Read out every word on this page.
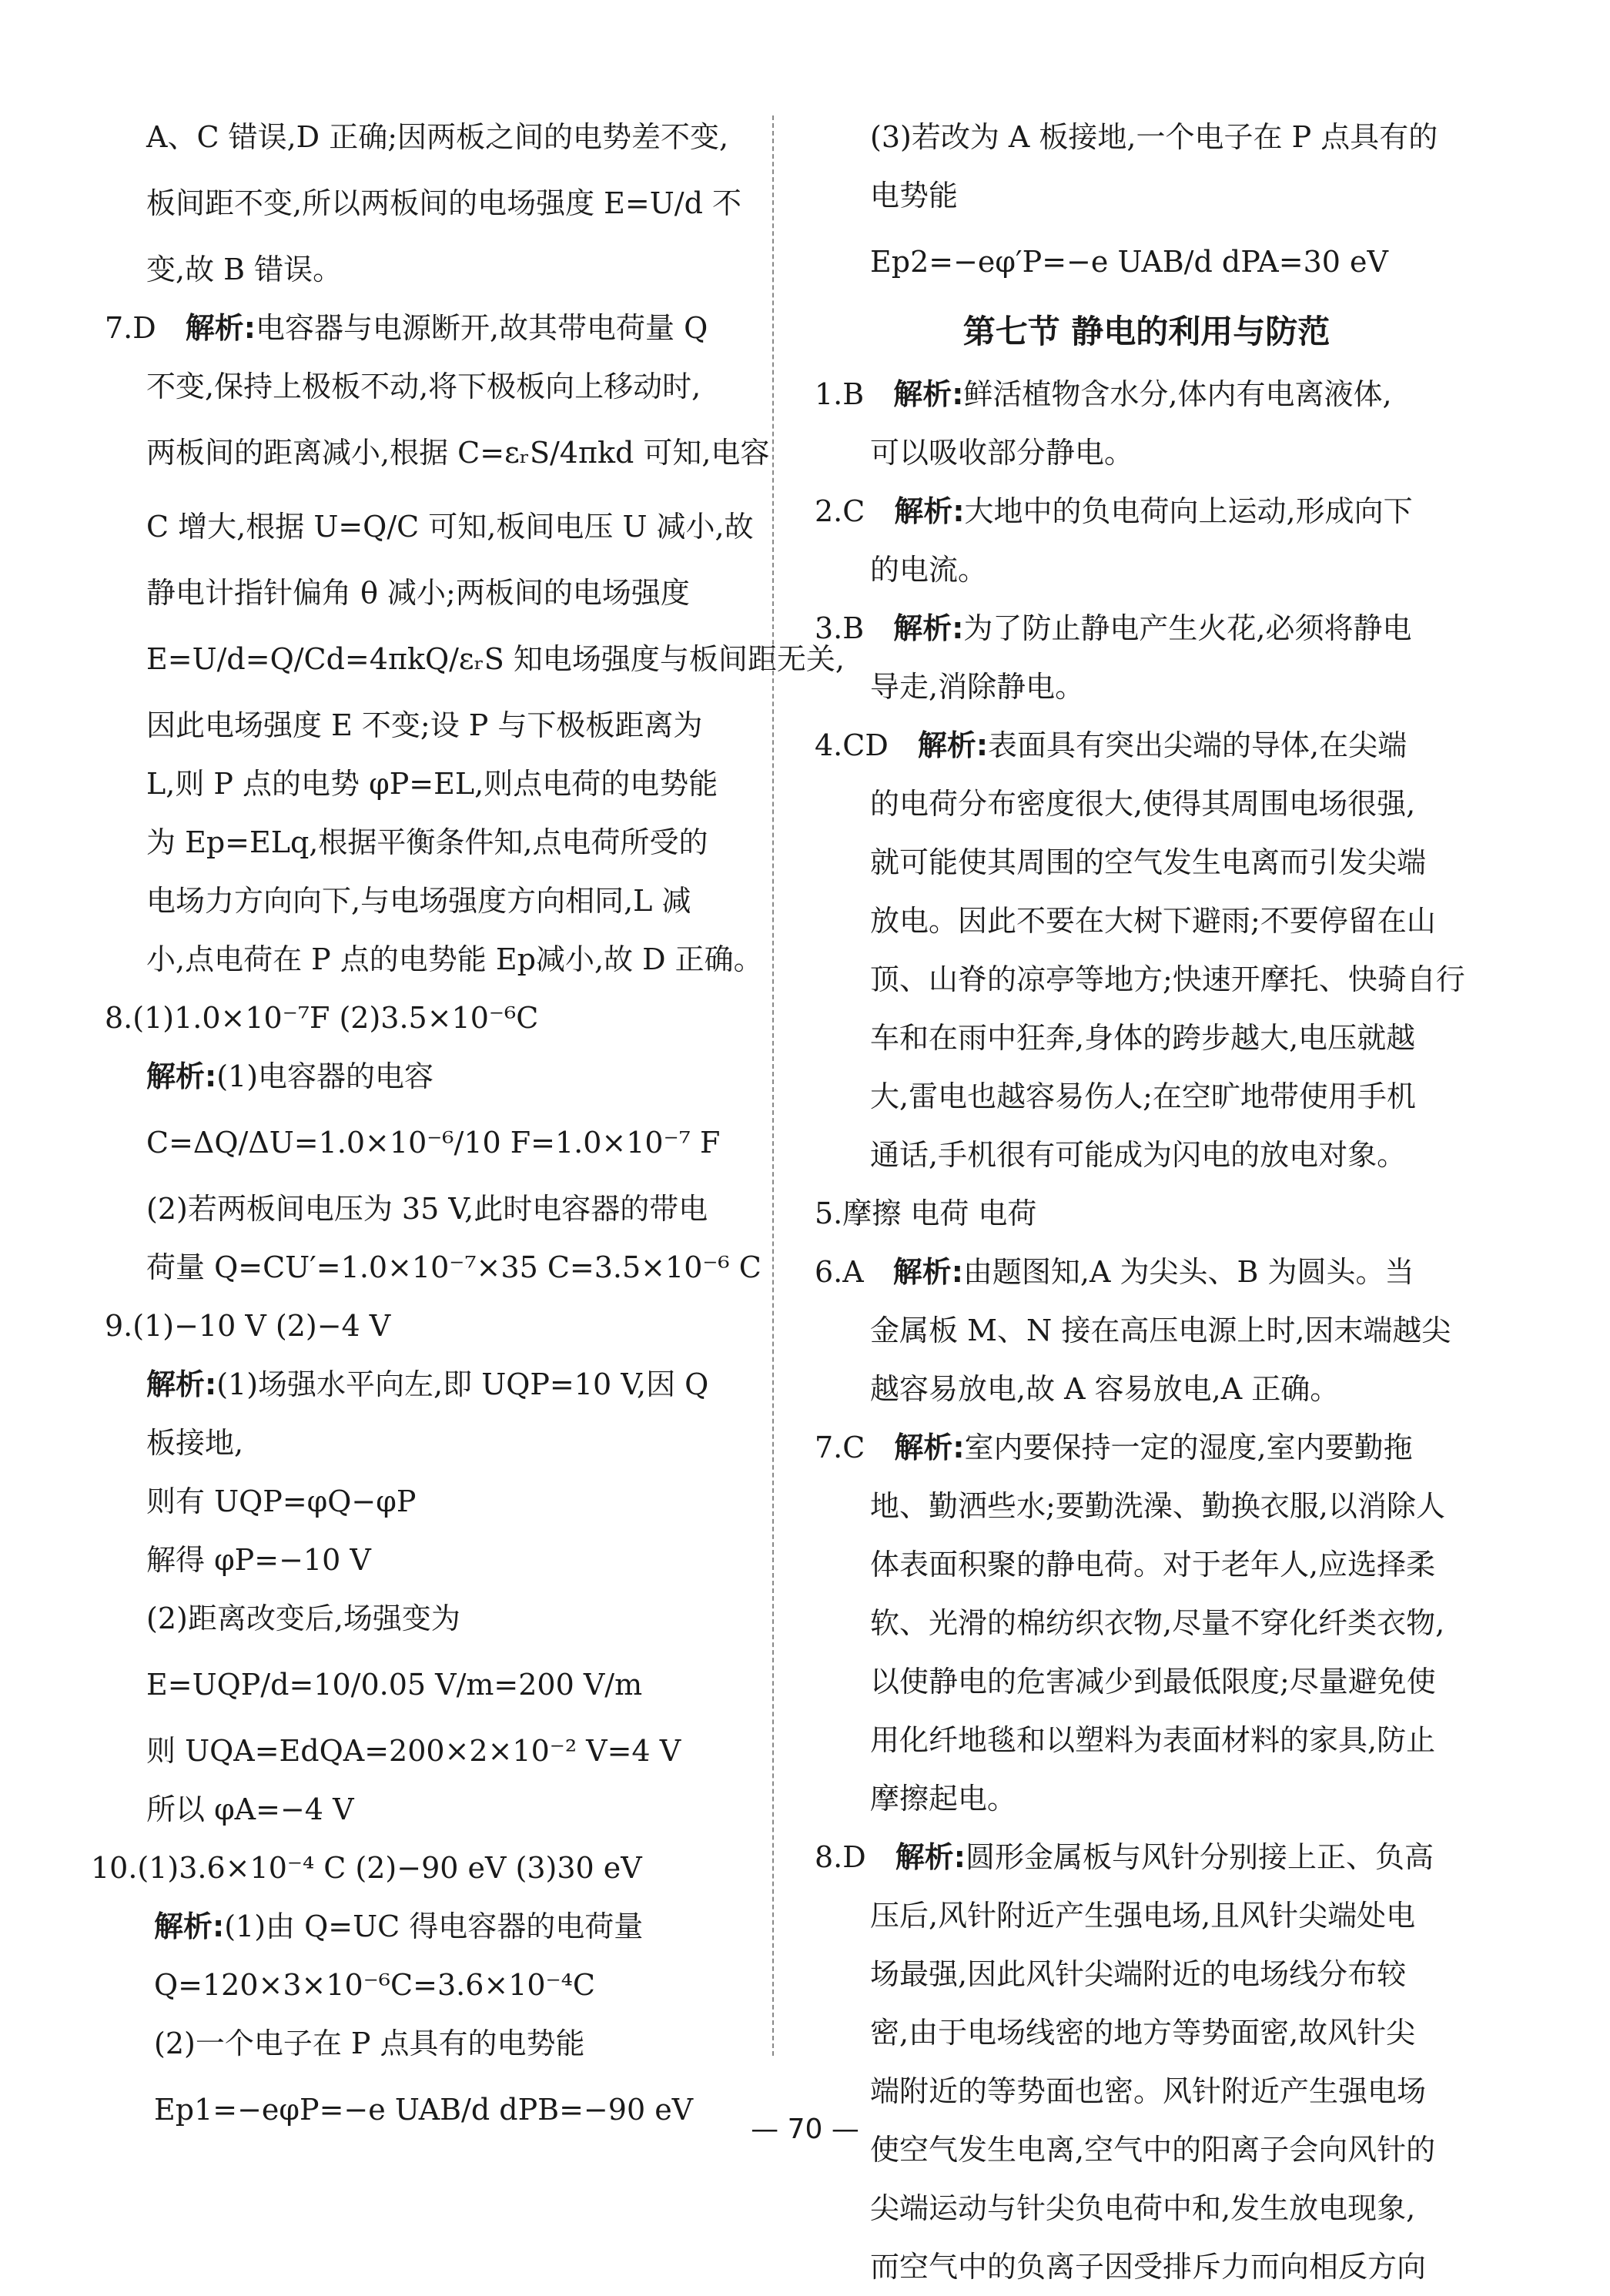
A、C 错误,D 正确;因两板之间的电势差不变,
板间距不变,所以两板间的电场强度 E=U/d 不
变,故 B 错误。
7.D   解析:电容器与电源断开,故其带电荷量 Q
不变,保持上极板不动,将下极板向上移动时,
两板间的距离减小,根据 C=εᵣS/4πkd 可知,电容
C 增大,根据 U=Q/C 可知,板间电压 U 减小,故
静电计指针偏角 θ 减小;两板间的电场强度
E=U/d=Q/Cd=4πkQ/εᵣS 知电场强度与板间距无关,
因此电场强度 E 不变;设 P 与下极板距离为
L,则 P 点的电势 φP=EL,则点电荷的电势能
为 Ep=ELq,根据平衡条件知,点电荷所受的
电场力方向向下,与电场强度方向相同,L 减
小,点电荷在 P 点的电势能 Ep减小,故 D 正确。
8.(1)1.0×10⁻⁷F (2)3.5×10⁻⁶C
解析:(1)电容器的电容
C=ΔQ/ΔU=1.0×10⁻⁶/10 F=1.0×10⁻⁷ F
(2)若两板间电压为 35 V,此时电容器的带电
荷量 Q=CU′=1.0×10⁻⁷×35 C=3.5×10⁻⁶ C
9.(1)−10 V (2)−4 V
解析:(1)场强水平向左,即 UQP=10 V,因 Q
板接地,
则有 UQP=φQ−φP
解得 φP=−10 V
(2)距离改变后,场强变为
E=UQP/d=10/0.05 V/m=200 V/m
则 UQA=EdQA=200×2×10⁻² V=4 V
所以 φA=−4 V
10.(1)3.6×10⁻⁴ C (2)−90 eV (3)30 eV
解析:(1)由 Q=UC 得电容器的电荷量
Q=120×3×10⁻⁶C=3.6×10⁻⁴C
(2)一个电子在 P 点具有的电势能
Ep1=−eφP=−e UAB/d dPB=−90 eV
(3)若改为 A 板接地,一个电子在 P 点具有的
电势能
Ep2=−eφ′P=−e UAB/d dPA=30 eV
第七节 静电的利用与防范
1.B   解析:鲜活植物含水分,体内有电离液体,
可以吸收部分静电。
2.C   解析:大地中的负电荷向上运动,形成向下
的电流。
3.B   解析:为了防止静电产生火花,必须将静电
导走,消除静电。
4.CD   解析:表面具有突出尖端的导体,在尖端
的电荷分布密度很大,使得其周围电场很强,
就可能使其周围的空气发生电离而引发尖端
放电。因此不要在大树下避雨;不要停留在山
顶、山脊的凉亭等地方;快速开摩托、快骑自行
车和在雨中狂奔,身体的跨步越大,电压就越
大,雷电也越容易伤人;在空旷地带使用手机
通话,手机很有可能成为闪电的放电对象。
5.摩擦 电荷 电荷
6.A   解析:由题图知,A 为尖头、B 为圆头。当
金属板 M、N 接在高压电源上时,因末端越尖
越容易放电,故 A 容易放电,A 正确。
7.C   解析:室内要保持一定的湿度,室内要勤拖
地、勤洒些水;要勤洗澡、勤换衣服,以消除人
体表面积聚的静电荷。对于老年人,应选择柔
软、光滑的棉纺织衣物,尽量不穿化纤类衣物,
以使静电的危害减少到最低限度;尽量避免使
用化纤地毯和以塑料为表面材料的家具,防止
摩擦起电。
8.D   解析:圆形金属板与风针分别接上正、负高
压后,风针附近产生强电场,且风针尖端处电
场最强,因此风针尖端附近的电场线分布较
密,由于电场线密的地方等势面密,故风针尖
端附近的等势面也密。风针附近产生强电场
使空气发生电离,空气中的阳离子会向风针的
尖端运动与针尖负电荷中和,发生放电现象,
而空气中的负离子因受排斥力而向相反方向
— 70 —
